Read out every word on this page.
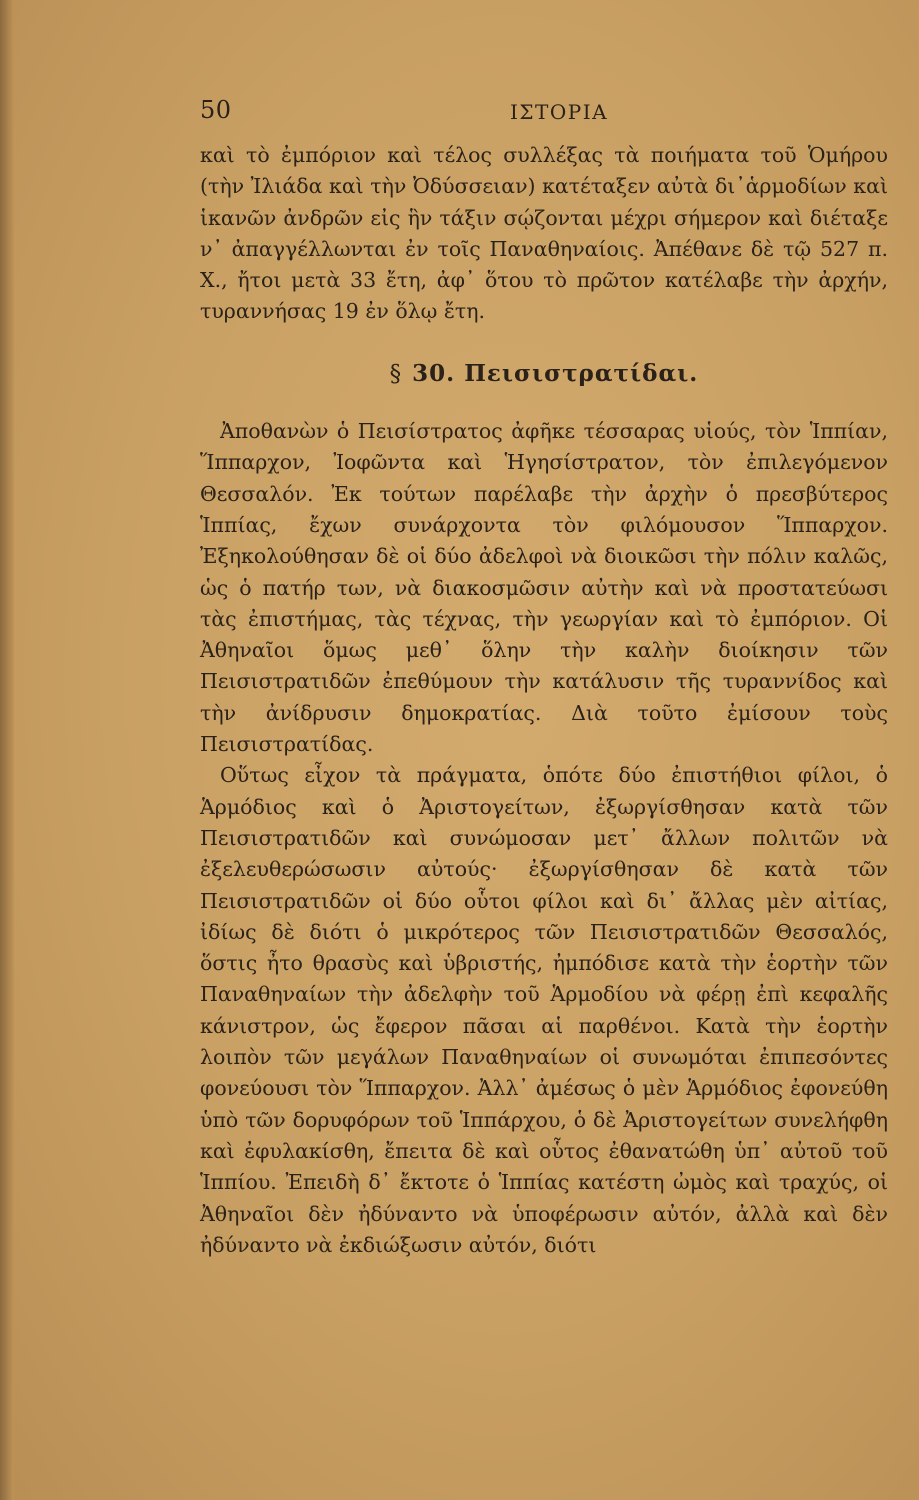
50	ΙΣΤΟΡΙΑ

καὶ τὸ ἐμπόριον καὶ τέλος συλλέξας τὰ ποιήματα τοῦ Ὁμήρου (τὴν Ἰλιάδα καὶ τὴν Ὀδύσσειαν) κατέταξεν αὐτὰ δι᾽ἁρμοδίων καὶ ἱκανῶν ἀνδρῶν εἰς ἣν τάξιν σῴζονται μέχρι σήμερον καὶ διέταξε ν᾽ ἀπαγγέλλωνται ἐν τοῖς Παναθηναίοις. Ἀπέθανε δὲ τῷ 527 π. Χ., ἤτοι μετὰ 33 ἔτη, ἀφ᾽ ὅτου τὸ πρῶτον κατέλαβε τὴν ἀρχήν, τυραννήσας 19 ἐν ὅλῳ ἔτη.

§ 30. Πεισιστρατίδαι.

Ἀποθανὼν ὁ Πεισίστρατος ἀφῆκε τέσσαρας υἱούς, τὸν Ἱππίαν, Ἵππαρχον, Ἰοφῶντα καὶ Ἡγησίστρατον, τὸν ἐπιλεγόμενον Θεσσαλόν. Ἐκ τούτων παρέλαβε τὴν ἀρχὴν ὁ πρεσβύτερος Ἱππίας, ἔχων συνάρχοντα τὸν φιλόμουσον Ἵππαρχον. Ἐξηκολούθησαν δὲ οἱ δύο ἀδελφοὶ νὰ διοικῶσι τὴν πόλιν καλῶς, ὡς ὁ πατήρ των, νὰ διακοσμῶσιν αὐτὴν καὶ νὰ προστατεύωσι τὰς ἐπιστήμας, τὰς τέχνας, τὴν γεωργίαν καὶ τὸ ἐμπόριον. Οἱ Ἀθηναῖοι ὅμως μεθ᾽ ὅλην τὴν καλὴν διοίκησιν τῶν Πεισιστρατιδῶν ἐπεθύμουν τὴν κατάλυσιν τῆς τυραννίδος καὶ τὴν ἀνίδρυσιν δημοκρατίας. Διὰ τοῦτο ἐμίσουν τοὺς Πεισιστρατίδας.

Οὕτως εἶχον τὰ πράγματα, ὁπότε δύο ἐπιστήθιοι φίλοι, ὁ Ἁρμόδιος καὶ ὁ Ἀριστογείτων, ἐξωργίσθησαν κατὰ τῶν Πεισιστρατιδῶν καὶ συνώμοσαν μετ᾽ ἄλλων πολιτῶν νὰ ἐξελευθερώσωσιν αὐτούς· ἐξωργίσθησαν δὲ κατὰ τῶν Πεισιστρατιδῶν οἱ δύο οὗτοι φίλοι καὶ δι᾽ ἄλλας μὲν αἰτίας, ἰδίως δὲ διότι ὁ μικρότερος τῶν Πεισιστρατιδῶν Θεσσαλός, ὅστις ἦτο θρασὺς καὶ ὑβριστής, ἠμπόδισε κατὰ τὴν ἑορτὴν τῶν Παναθηναίων τὴν ἀδελφὴν τοῦ Ἁρμοδίου νὰ φέρῃ ἐπὶ κεφαλῆς κάνιστρον, ὡς ἔφερον πᾶσαι αἱ παρθένοι. Κατὰ τὴν ἑορτὴν λοιπὸν τῶν μεγάλων Παναθηναίων οἱ συνωμόται ἐπιπεσόντες φονεύουσι τὸν Ἵππαρχον. Ἀλλ᾽ ἀμέσως ὁ μὲν Ἁρμόδιος ἐφονεύθη ὑπὸ τῶν δορυφόρων τοῦ Ἱππάρχου, ὁ δὲ Ἀριστογείτων συνελήφθη καὶ ἐφυλακίσθη, ἔπειτα δὲ καὶ οὗτος ἐθανατώθη ὑπ᾽ αὐτοῦ τοῦ Ἱππίου. Ἐπειδὴ δ᾽ ἔκτοτε ὁ Ἱππίας κατέστη ὠμὸς καὶ τραχύς, οἱ Ἀθηναῖοι δὲν ἠδύναντο νὰ ὑποφέρωσιν αὐτόν, ἀλλὰ καὶ δὲν ἠδύναντο νὰ ἐκδιώξωσιν αὐτόν, διότι
